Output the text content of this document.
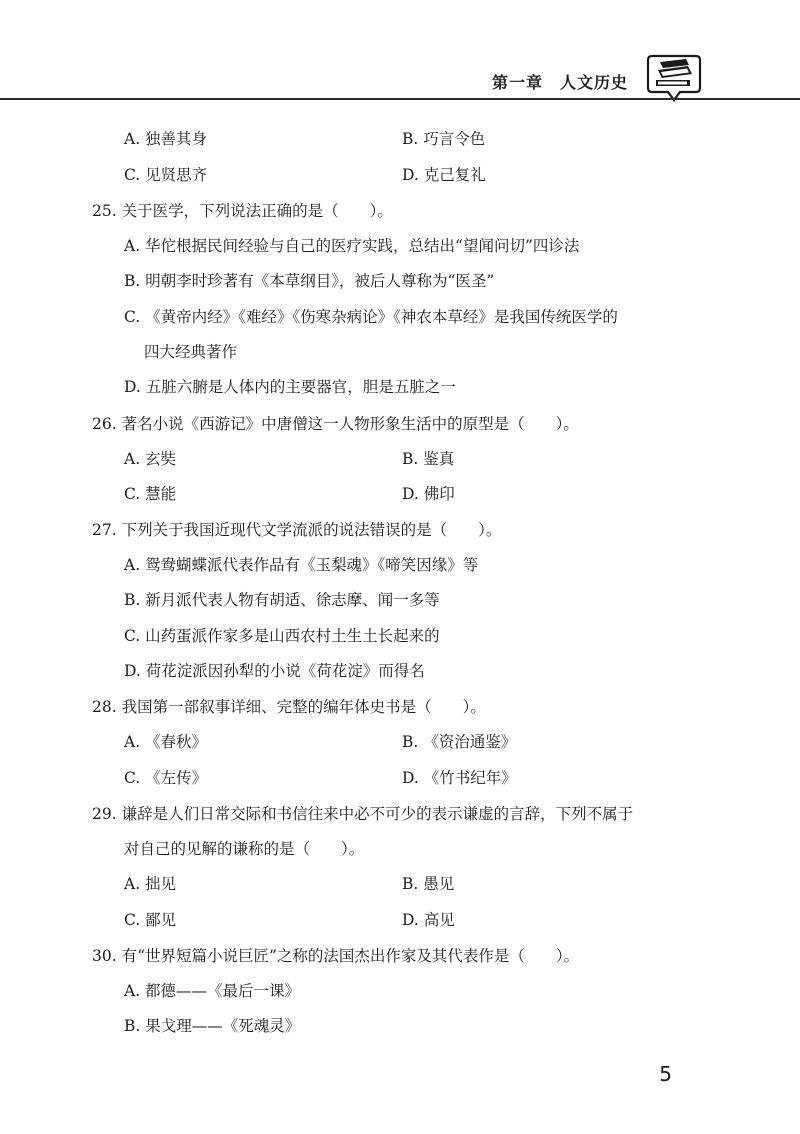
第一章　 人文历史
A. 独善其身	B. 巧言令色
C. 见贤思齐	D. 克己复礼
25. 关于医学，下列说法正确的是（　　）。
A. 华佗根据民间经验与自己的医疗实践，总结出“望闻问切”四诊法
B. 明朝李时珍著有《本草纲目》，被后人尊称为“医圣”
C. 《黄帝内经》《难经》《伤寒杂病论》《神农本草经》是我国传统医学的
四大经典著作
D. 五脏六腑是人体内的主要器官，胆是五脏之一
26. 著名小说《西游记》中唐僧这一人物形象生活中的原型是（　　）。
A. 玄奘	B. 鉴真
C. 慧能	D. 佛印
27. 下列关于我国近现代文学流派的说法错误的是（　　）。
A. 鸳鸯蝴蝶派代表作品有《玉梨魂》《啼笑因缘》等
B. 新月派代表人物有胡适、徐志摩、闻一多等
C. 山药蛋派作家多是山西农村土生土长起来的
D. 荷花淀派因孙犁的小说《荷花淀》而得名
28. 我国第一部叙事详细、完整的编年体史书是（　　）。
A. 《春秋》	B. 《资治通鉴》
C. 《左传》	D. 《竹书纪年》
29. 谦辞是人们日常交际和书信往来中必不可少的表示谦虚的言辞，下列不属于
对自己的见解的谦称的是（　　）。
A. 拙见	B. 愚见
C. 鄙见	D. 高见
30. 有“世界短篇小说巨匠”之称的法国杰出作家及其代表作是（　　）。
A. 都德——《最后一课》
B. 果戈理——《死魂灵》
5
